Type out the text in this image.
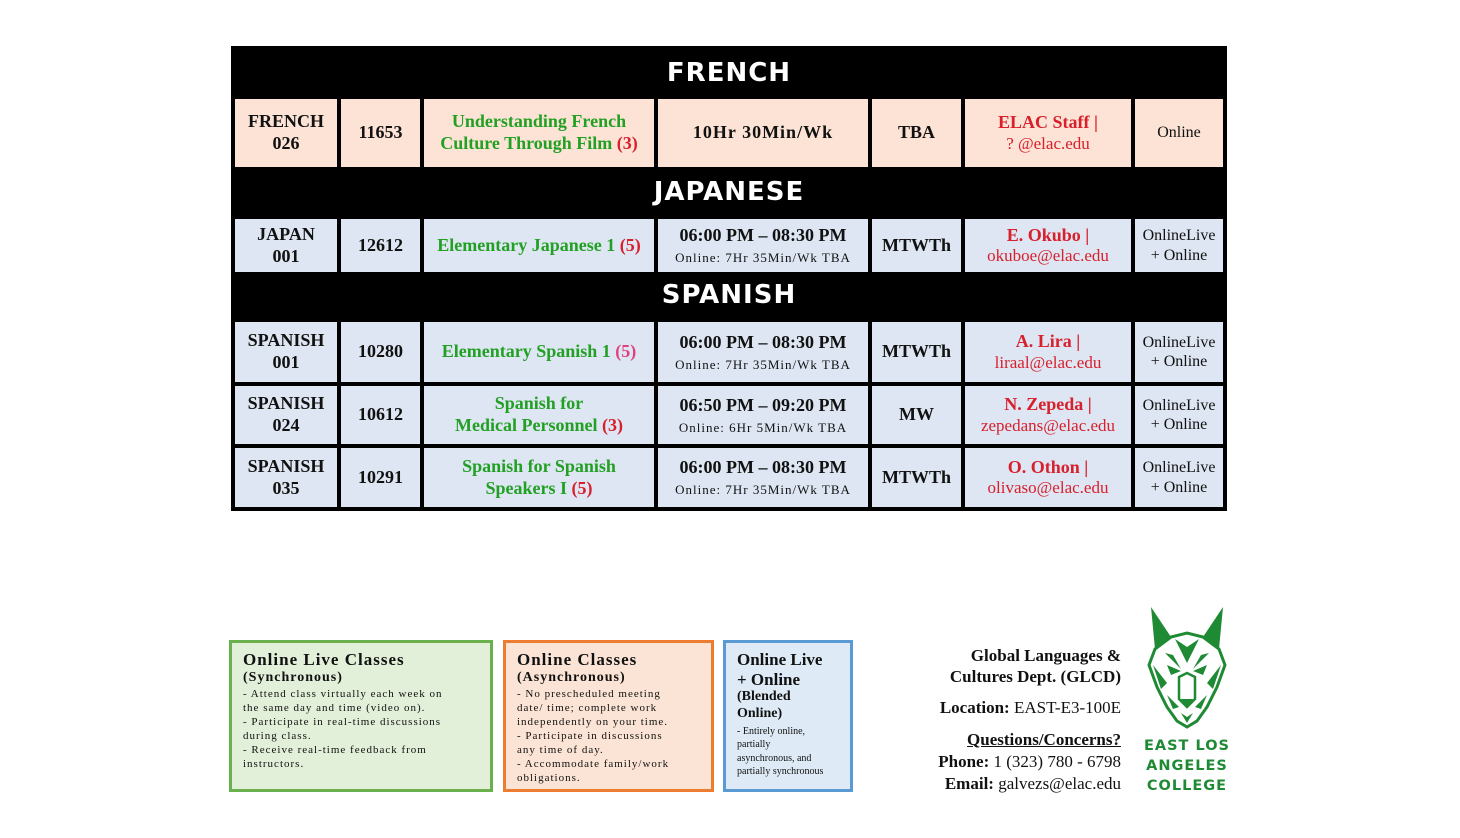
FRENCH
FRENCH
026
11653
Understanding French
Culture Through Film (3)
10Hr 30Min/Wk	TBA
ELAC Staff |
? @elac.edu
Online
JAPANESE
JAPAN
001
12612 Elementary Japanese 1 (5) 06:00 PM – 08:30 PM
Online: 7Hr 35Min/Wk TBA
MTWTh
E. Okubo |
okuboe@elac.edu
OnlineLive
+ Online
SPANISH
SPANISH
001
10280 Elementary Spanish 1 (5) 06:00 PM – 08:30 PM
Online: 7Hr 35Min/Wk TBA
MTWTh
A. Lira |
liraal@elac.edu
OnlineLive
+ Online
SPANISH
024
10612
Spanish for
Medical Personnel (3)
06:50 PM – 09:20 PM
Online: 6Hr 5Min/Wk TBA
MW
N. Zepeda |
zepedans@elac.edu
OnlineLive
+ Online
SPANISH
035
10291
Spanish for Spanish
Speakers I (5)
06:00 PM – 08:30 PM
Online: 7Hr 35Min/Wk TBA
MTWTh
O. Othon |
olivaso@elac.edu
OnlineLive
+ Online
Online Live Classes
(Synchronous)
- Attend class virtually each week on
the same day and time (video on).
- Participate in real-time discussions
during class.
- Receive real-time feedback from
instructors.
Online Classes
(Asynchronous)
- No prescheduled meeting
date/ time; complete work
independently on your time.
- Participate in discussions
any time of day.
- Accommodate family/work
obligations.
Online Live
+ Online
(Blended
Online)
- Entirely online,
partially
asynchronous, and
partially synchronous
Global Languages &
Cultures Dept. (GLCD)
Location: EAST-E3-100E
Questions/Concerns?
Phone: 1 (323) 780 - 6798
Email: galvezs@elac.edu
EAST LOS
ANGELES
COLLEGE
